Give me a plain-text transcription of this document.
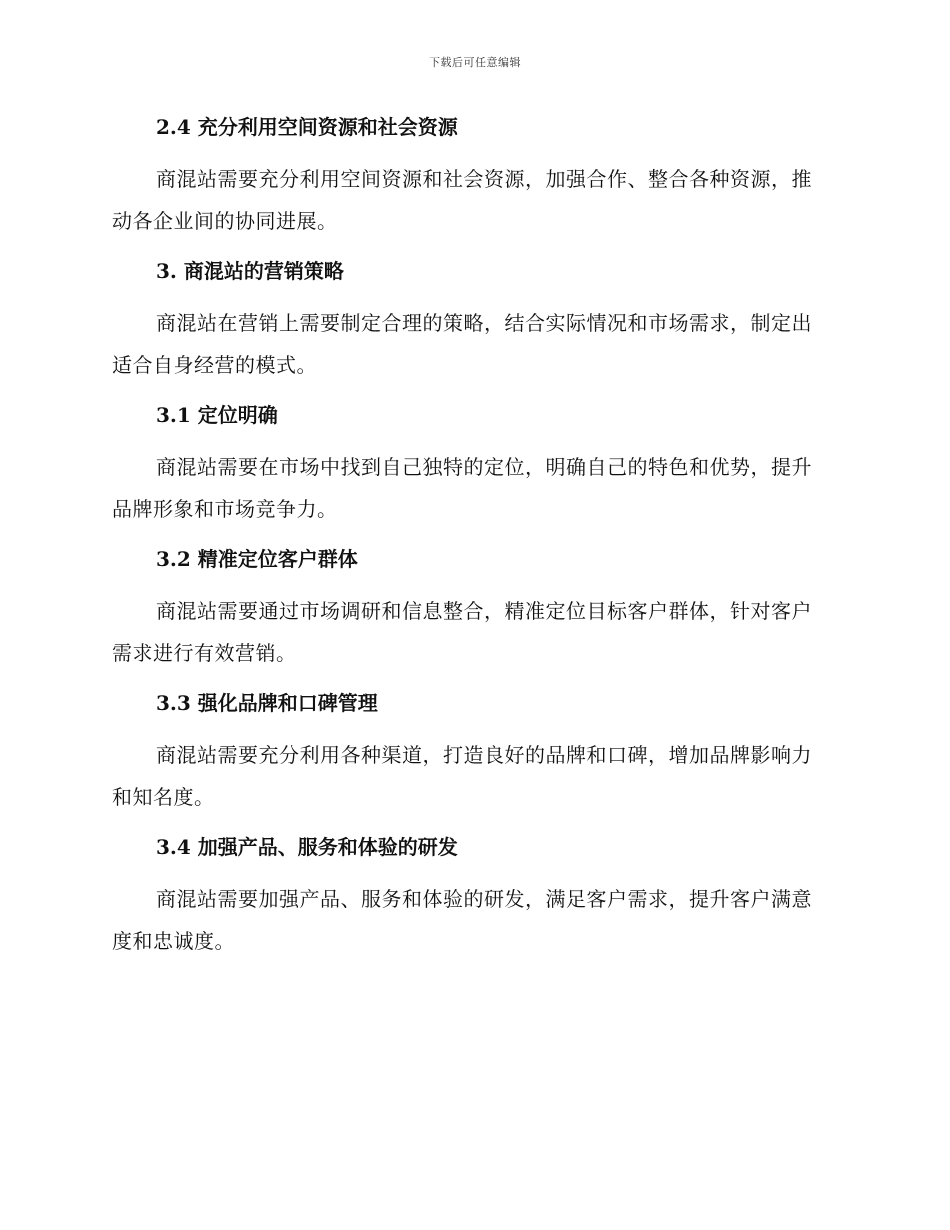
下载后可任意编辑
2.4 充分利用空间资源和社会资源

商混站需要充分利用空间资源和社会资源，加强合作、整合各种资源，推动各企业间的协同进展。

3. 商混站的营销策略

商混站在营销上需要制定合理的策略，结合实际情况和市场需求，制定出适合自身经营的模式。

3.1 定位明确

商混站需要在市场中找到自己独特的定位，明确自己的特色和优势，提升品牌形象和市场竞争力。

3.2 精准定位客户群体

商混站需要通过市场调研和信息整合，精准定位目标客户群体，针对客户需求进行有效营销。

3.3 强化品牌和口碑管理

商混站需要充分利用各种渠道，打造良好的品牌和口碑，增加品牌影响力和知名度。

3.4 加强产品、服务和体验的研发

商混站需要加强产品、服务和体验的研发，满足客户需求，提升客户满意度和忠诚度。
